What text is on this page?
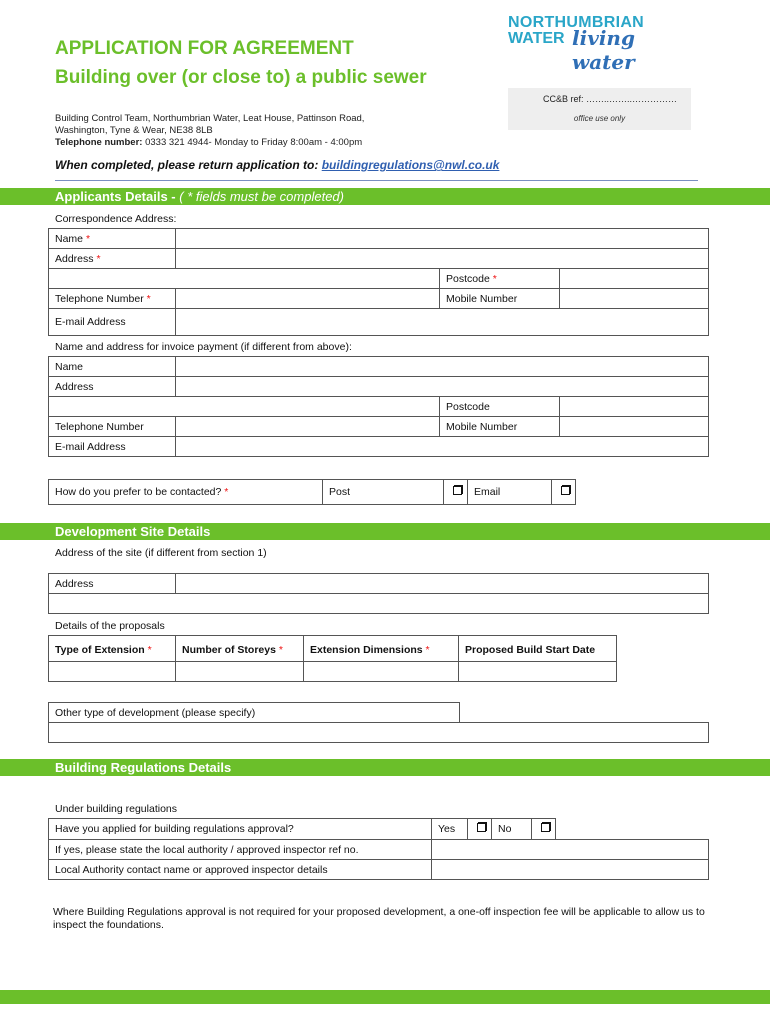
APPLICATION FOR AGREEMENT
Building over (or close to) a public sewer
NORTHUMBRIAN
WATER living water
CC&B ref: ……..……..……………
office use only
Building Control Team, Northumbrian Water, Leat House, Pattinson Road,
Washington, Tyne & Wear, NE38 8LB
Telephone number: 0333 321 4944- Monday to Friday 8:00am - 4:00pm
When completed, please return application to: buildingregulations@nwl.co.uk
Applicants Details - ( * fields must be completed)
Correspondence Address:
Name *			
Address *			
		Postcode *	
Telephone Number *		Mobile Number	
E-mail Address			
Name and address for invoice payment (if different from above):
Name			
Address			
		Postcode	
Telephone Number		Mobile Number	
E-mail Address			
How do you prefer to be contacted? *	Post		Email		
Development Site Details
Address of the site (if different from section 1)
Address	

Details of the proposals
Type of Extension *	Number of Storeys *	Extension Dimensions *	Proposed Build Start Date

Other type of development (please specify)	

Building Regulations Details
Under building regulations
Have you applied for building regulations approval?	Yes		No		
If yes, please state the local authority / approved inspector ref no.					
Local Authority contact name or approved inspector details					
Where Building Regulations approval is not required for your proposed development, a one-off inspection fee will be applicable to allow us to inspect the foundations.
